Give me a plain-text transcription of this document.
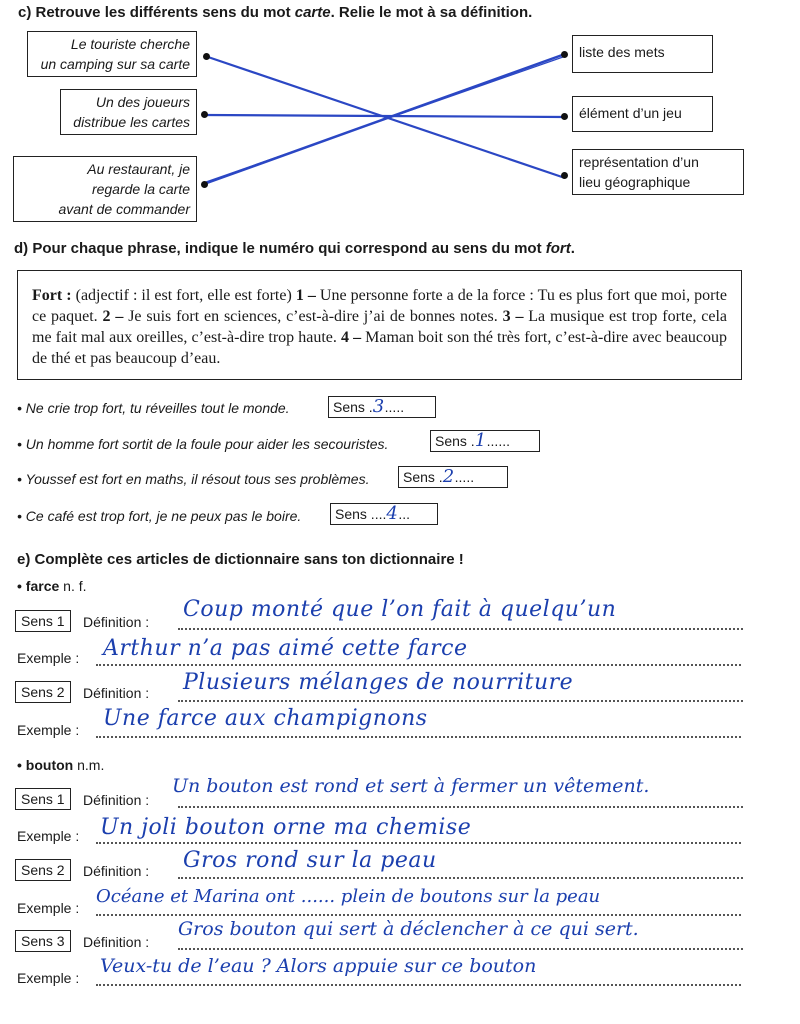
c) Retrouve les différents sens du mot carte. Relie le mot à sa définition.
Le touriste cherche
un camping sur sa carte
Un des joueurs
distribue les cartes
Au restaurant, je
regarde la carte
avant de commander
liste des mets
élément d’un jeu
représentation d’un
lieu géographique
d) Pour chaque phrase, indique le numéro qui correspond au sens du mot fort.
Fort : (adjectif : il est fort, elle est forte) 1 – Une personne forte a de la force : Tu es plus fort que moi, porte ce paquet. 2 – Je suis fort en sciences, c’est-à-dire j’ai de bonnes notes. 3 – La musique est trop forte, cela me fait mal aux oreilles, c’est-à-dire trop haute. 4 – Maman boit son thé très fort, c’est-à-dire avec beaucoup de thé et pas beaucoup d’eau.
• Ne crie trop fort, tu réveilles tout le monde.	Sens .3.....
• Un homme fort sortit de la foule pour aider les secouristes.	Sens .1......
• Youssef est fort en maths, il résout tous ses problèmes.	Sens .2.....
• Ce café est trop fort, je ne peux pas le boire.	Sens ....4...
e) Complète ces articles de dictionnaire sans ton dictionnaire !
• farce n. f.
Sens 1	Définition : Coup monté que l’on fait à quelqu’un
Exemple : Arthur n’a pas aimé cette farce
Sens 2	Définition : Plusieurs mélanges de nourriture
Exemple : Une farce aux champignons
• bouton n.m.
Sens 1	Définition :
Un bouton est rond et sert à fermer un vêtement.
Exemple : Un joli bouton orne ma chemise
Sens 2	Définition : Gros rond sur la peau
Exemple :
Océane et Marina ont ...... plein de boutons sur la peau
Sens 3	Définition :
Gros bouton qui sert à déclencher à ce qui sert.
Exemple :
Veux-tu de l’eau ? Alors appuie sur ce bouton
